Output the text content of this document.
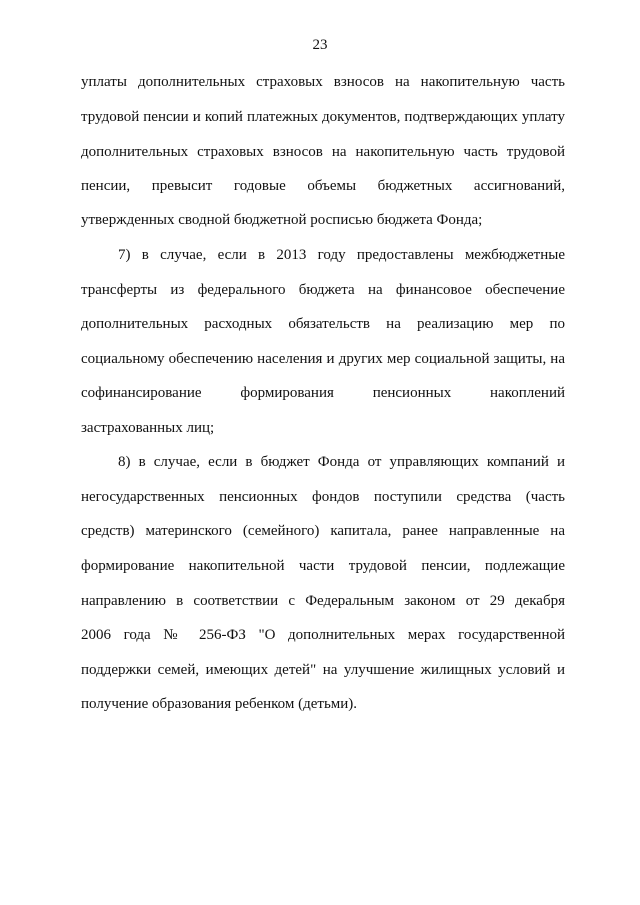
23
уплаты дополнительных страховых взносов на накопительную часть
трудовой пенсии и копий платежных документов, подтверждающих уплату
дополнительных страховых взносов на накопительную часть трудовой
пенсии, превысит годовые объемы бюджетных ассигнований,
утвержденных сводной бюджетной росписью бюджета Фонда;
7) в случае, если в 2013 году предоставлены межбюджетные
трансферты из федерального бюджета на финансовое обеспечение
дополнительных расходных обязательств на реализацию мер по
социальному обеспечению населения и других мер социальной защиты, на
софинансирование формирования пенсионных накоплений
застрахованных лиц;
8) в случае, если в бюджет Фонда от управляющих компаний и
негосударственных пенсионных фондов поступили средства (часть
средств) материнского (семейного) капитала, ранее направленные на
формирование накопительной части трудовой пенсии, подлежащие
направлению в соответствии с Федеральным законом от 29 декабря
2006 года № 256-ФЗ "О дополнительных мерах государственной
поддержки семей, имеющих детей" на улучшение жилищных условий и
получение образования ребенком (детьми).
